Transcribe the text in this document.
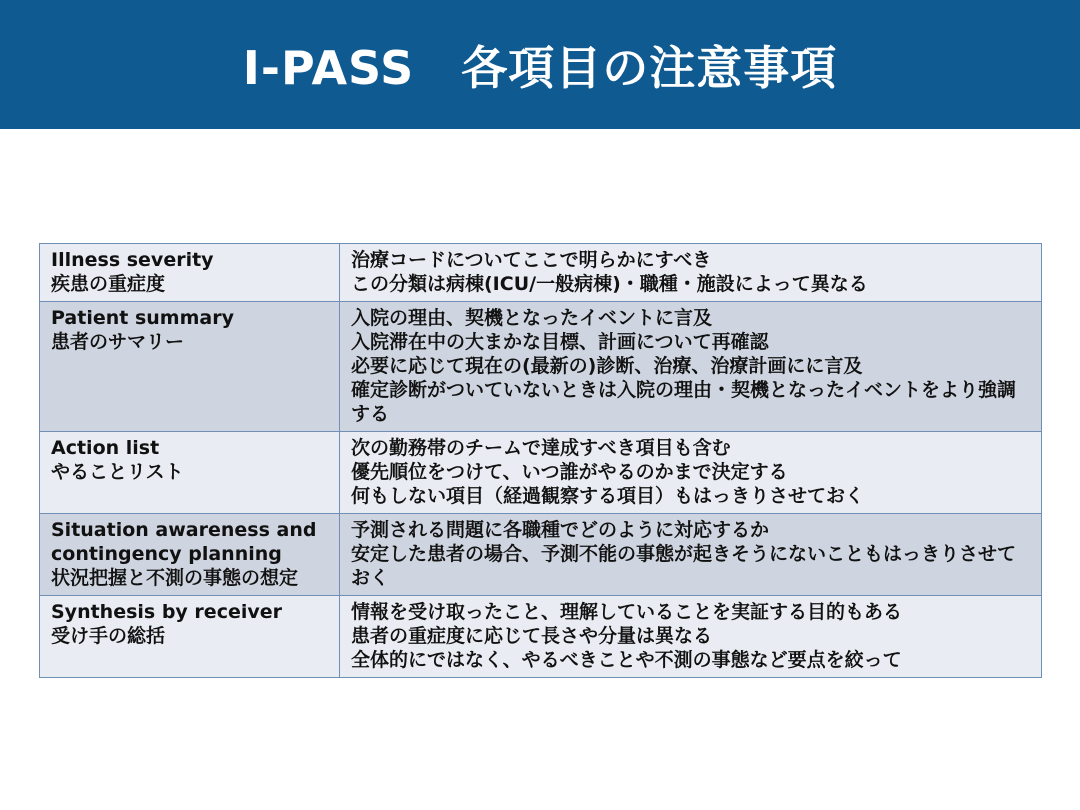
I-PASS　各項目の注意事項
Illness severity
疾患の重症度	治療コードについてここで明らかにすべき
この分類は病棟(ICU/一般病棟)・職種・施設によって異なる

Patient summary
患者のサマリー	入院の理由、契機となったイベントに言及
入院滞在中の大まかな目標、計画について再確認
必要に応じて現在の(最新の)診断、治療、治療計画にに言及
確定診断がついていないときは入院の理由・契機となったイベントをより強調する

Action list
やることリスト	次の勤務帯のチームで達成すべき項目も含む
優先順位をつけて、いつ誰がやるのかまで決定する
何もしない項目（経過観察する項目）もはっきりさせておく

Situation awareness and
contingency planning
状況把握と不測の事態の想定	予測される問題に各職種でどのように対応するか
安定した患者の場合、予測不能の事態が起きそうにないこともはっきりさせておく

Synthesis by receiver
受け手の総括	情報を受け取ったこと、理解していることを実証する目的もある
患者の重症度に応じて長さや分量は異なる
全体的にではなく、やるべきことや不測の事態など要点を絞って
